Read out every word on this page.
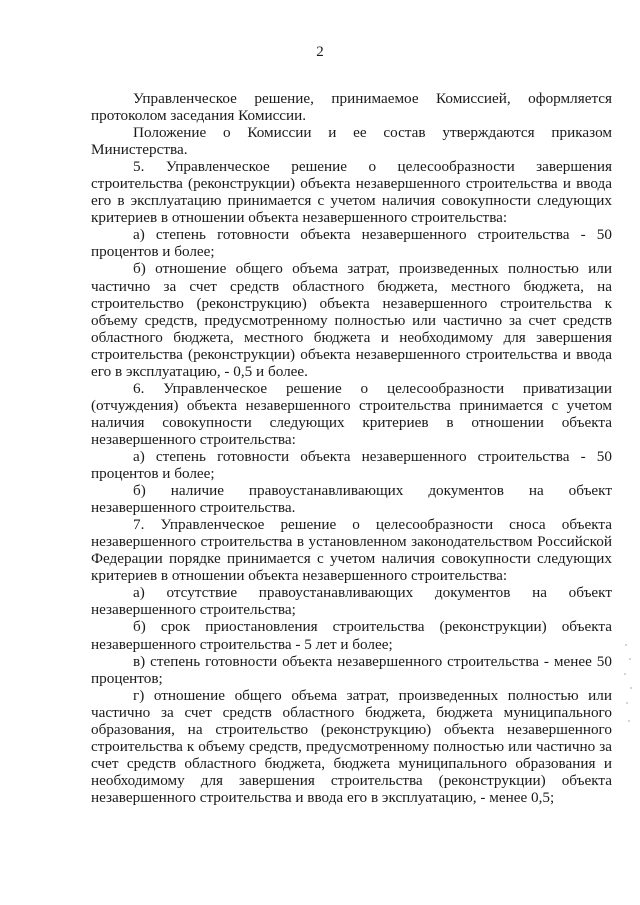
2

Управленческое решение, принимаемое Комиссией, оформляется протоколом заседания Комиссии.

Положение о Комиссии и ее состав утверждаются приказом Министерства.

5. Управленческое решение о целесообразности завершения строительства (реконструкции) объекта незавершенного строительства и ввода его в эксплуатацию принимается с учетом наличия совокупности следующих критериев в отношении объекта незавершенного строительства:

а) степень готовности объекта незавершенного строительства - 50 процентов и более;

б) отношение общего объема затрат, произведенных полностью или частично за счет средств областного бюджета, местного бюджета, на строительство (реконструкцию) объекта незавершенного строительства к объему средств, предусмотренному полностью или частично за счет средств областного бюджета, местного бюджета и необходимому для завершения строительства (реконструкции) объекта незавершенного строительства и ввода его в эксплуатацию, - 0,5 и более.

6. Управленческое решение о целесообразности приватизации (отчуждения) объекта незавершенного строительства принимается с учетом наличия совокупности следующих критериев в отношении объекта незавершенного строительства:

а) степень готовности объекта незавершенного строительства - 50 процентов и более;

б) наличие правоустанавливающих документов на объект незавершенного строительства.

7. Управленческое решение о целесообразности сноса объекта незавершенного строительства в установленном законодательством Российской Федерации порядке принимается с учетом наличия совокупности следующих критериев в отношении объекта незавершенного строительства:

а) отсутствие правоустанавливающих документов на объект незавершенного строительства;

б) срок приостановления строительства (реконструкции) объекта незавершенного строительства - 5 лет и более;

в) степень готовности объекта незавершенного строительства - менее 50 процентов;

г) отношение общего объема затрат, произведенных полностью или частично за счет средств областного бюджета, бюджета муниципального образования, на строительство (реконструкцию) объекта незавершенного строительства к объему средств, предусмотренному полностью или частично за счет средств областного бюджета, бюджета муниципального образования и необходимому для завершения строительства (реконструкции) объекта незавершенного строительства и ввода его в эксплуатацию, - менее 0,5;
